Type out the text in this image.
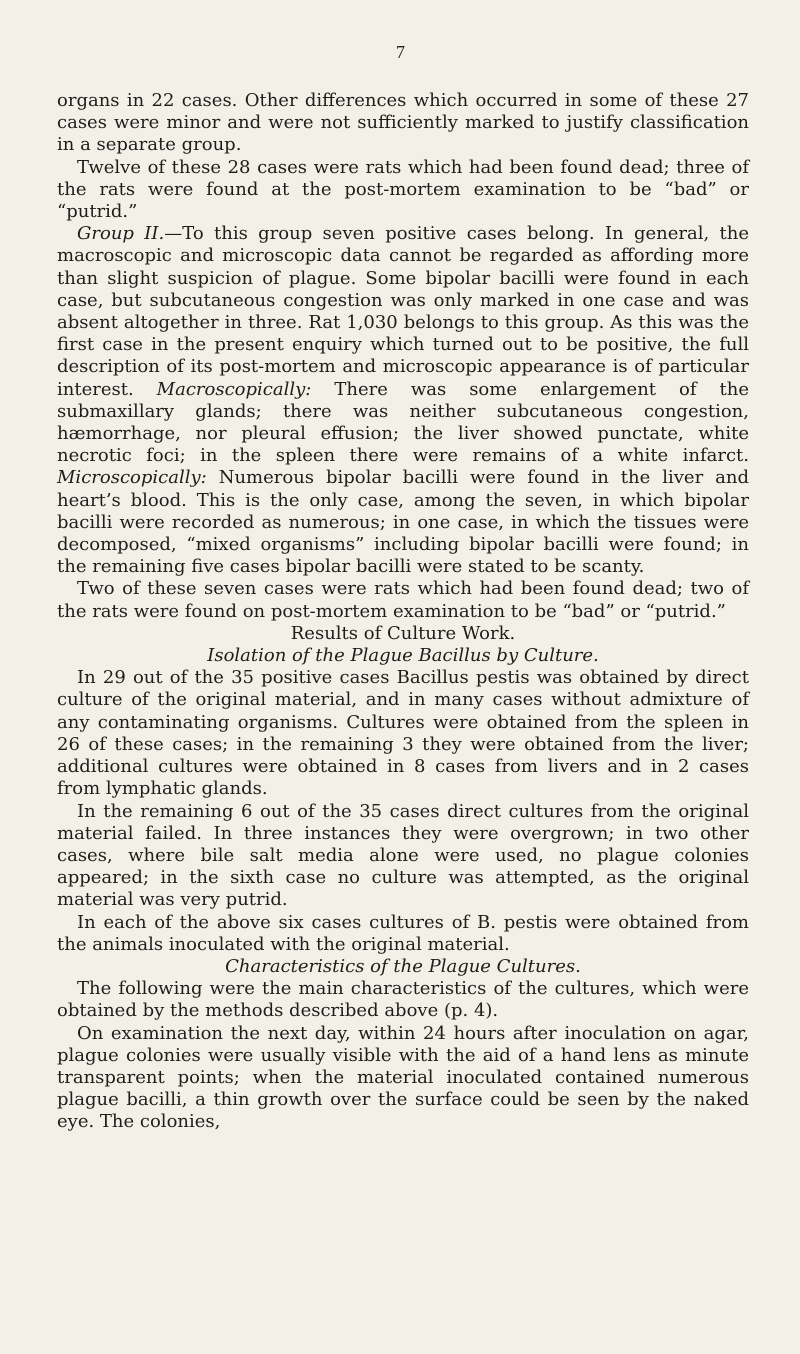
7

organs in 22 cases. Other differences which occurred in some of these 27 cases were minor and were not sufficiently marked to justify classification in a separate group.

Twelve of these 28 cases were rats which had been found dead; three of the rats were found at the post-mortem examination to be “bad” or “putrid.”

Group II.—To this group seven positive cases belong. In general, the macroscopic and microscopic data cannot be regarded as affording more than slight suspicion of plague. Some bipolar bacilli were found in each case, but subcutaneous congestion was only marked in one case and was absent altogether in three. Rat 1,030 belongs to this group. As this was the first case in the present enquiry which turned out to be positive, the full description of its post-mortem and microscopic appearance is of particular interest. Macroscopically: There was some enlargement of the submaxillary glands; there was neither subcutaneous congestion, hæmorrhage, nor pleural effusion; the liver showed punctate, white necrotic foci; in the spleen there were remains of a white infarct. Microscopically: Numerous bipolar bacilli were found in the liver and heart’s blood. This is the only case, among the seven, in which bipolar bacilli were recorded as numerous; in one case, in which the tissues were decomposed, “mixed organisms” including bipolar bacilli were found; in the remaining five cases bipolar bacilli were stated to be scanty.

Two of these seven cases were rats which had been found dead; two of the rats were found on post-mortem examination to be “bad” or “putrid.”

Results of Culture Work.

Isolation of the Plague Bacillus by Culture.

In 29 out of the 35 positive cases Bacillus pestis was obtained by direct culture of the original material, and in many cases without admixture of any contaminating organisms. Cultures were obtained from the spleen in 26 of these cases; in the remaining 3 they were obtained from the liver; additional cultures were obtained in 8 cases from livers and in 2 cases from lymphatic glands.

In the remaining 6 out of the 35 cases direct cultures from the original material failed. In three instances they were overgrown; in two other cases, where bile salt media alone were used, no plague colonies appeared; in the sixth case no culture was attempted, as the original material was very putrid.

In each of the above six cases cultures of B. pestis were obtained from the animals inoculated with the original material.

Characteristics of the Plague Cultures.

The following were the main characteristics of the cultures, which were obtained by the methods described above (p. 4).

On examination the next day, within 24 hours after inoculation on agar, plague colonies were usually visible with the aid of a hand lens as minute transparent points; when the material inoculated contained numerous plague bacilli, a thin growth over the surface could be seen by the naked eye. The colonies,
